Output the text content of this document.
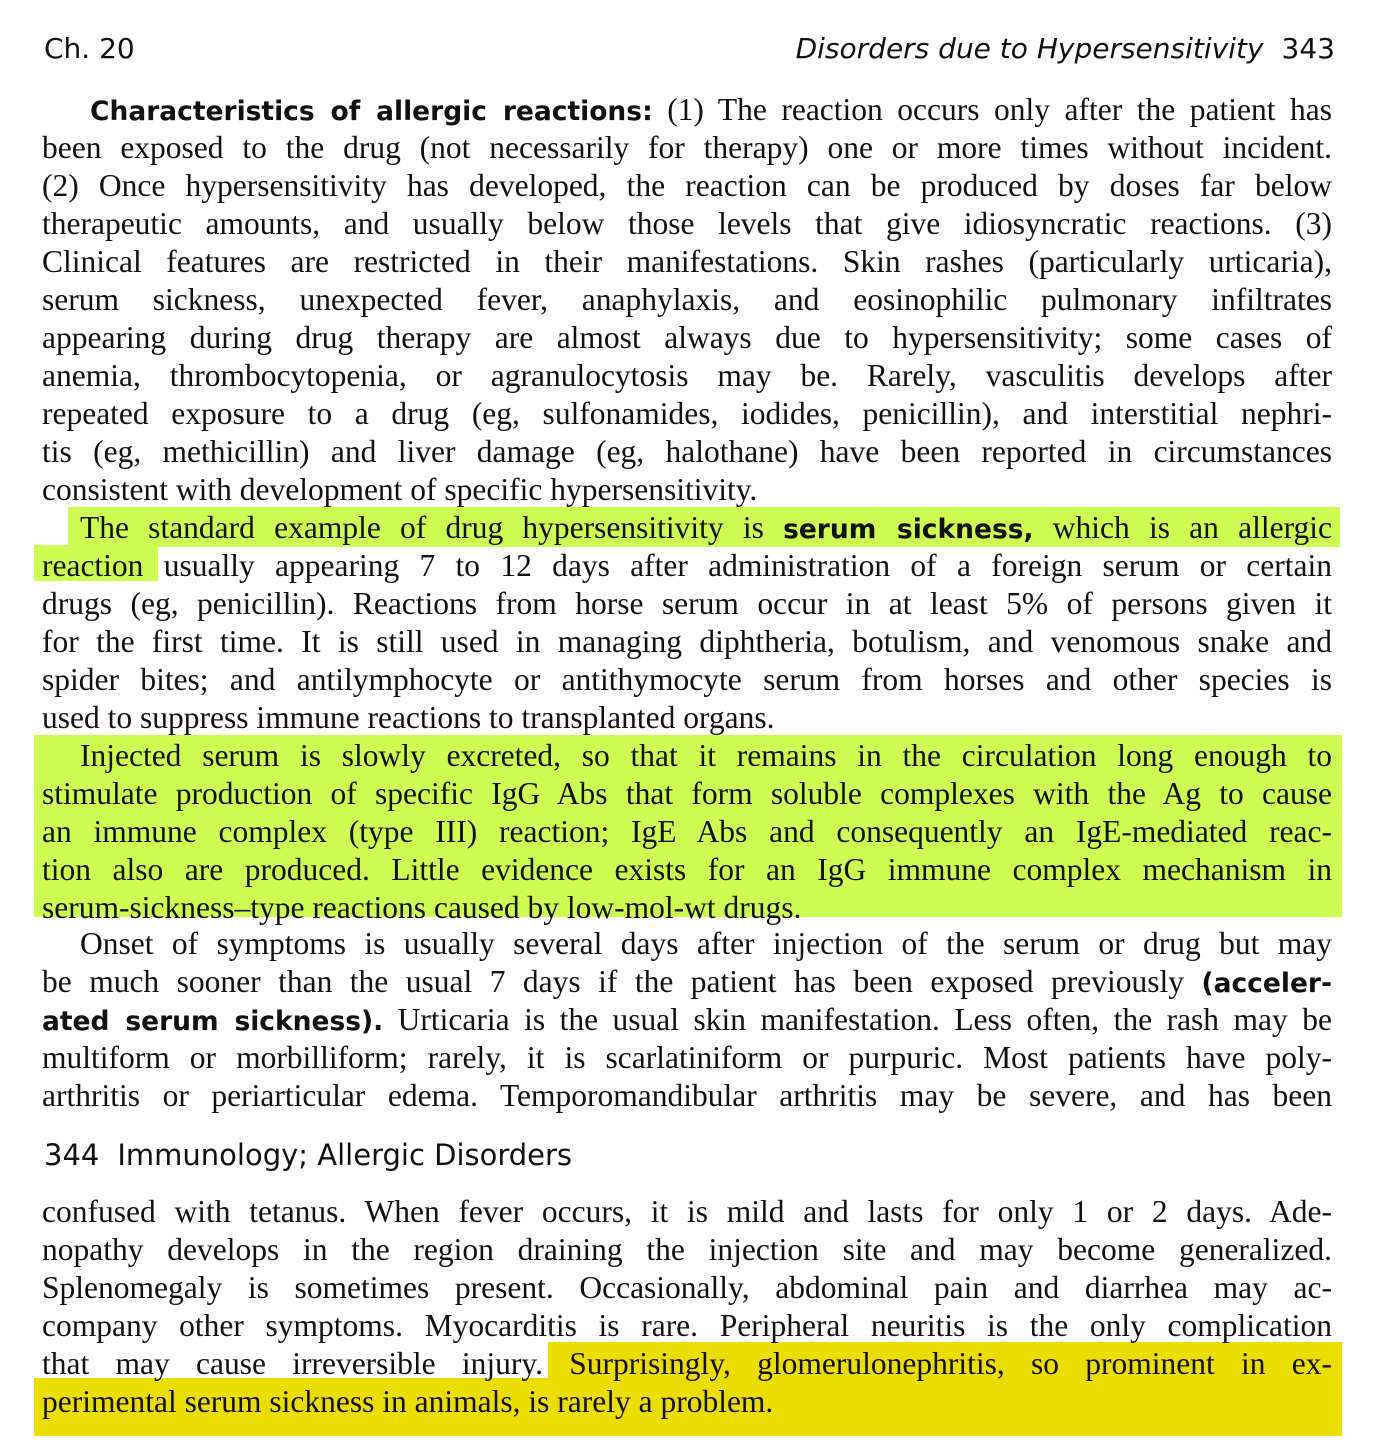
Ch. 20	Disorders due to Hypersensitivity 343
Characteristics of allergic reactions: (1) The reaction occurs only after the patient has
been exposed to the drug (not necessarily for therapy) one or more times without incident.
(2) Once hypersensitivity has developed, the reaction can be produced by doses far below
therapeutic amounts, and usually below those levels that give idiosyncratic reactions. (3)
Clinical features are restricted in their manifestations. Skin rashes (particularly urticaria),
serum sickness, unexpected fever, anaphylaxis, and eosinophilic pulmonary infiltrates
appearing during drug therapy are almost always due to hypersensitivity; some cases of
anemia, thrombocytopenia, or agranulocytosis may be. Rarely, vasculitis develops after
repeated exposure to a drug (eg, sulfonamides, iodides, penicillin), and interstitial nephri-
tis (eg, methicillin) and liver damage (eg, halothane) have been reported in circumstances
consistent with development of specific hypersensitivity.
The standard example of drug hypersensitivity is serum sickness, which is an allergic
reaction usually appearing 7 to 12 days after administration of a foreign serum or certain
drugs (eg, penicillin). Reactions from horse serum occur in at least 5% of persons given it
for the first time. It is still used in managing diphtheria, botulism, and venomous snake and
spider bites; and antilymphocyte or antithymocyte serum from horses and other species is
used to suppress immune reactions to transplanted organs.
Injected serum is slowly excreted, so that it remains in the circulation long enough to
stimulate production of specific IgG Abs that form soluble complexes with the Ag to cause
an immune complex (type III) reaction; IgE Abs and consequently an IgE-mediated reac-
tion also are produced. Little evidence exists for an IgG immune complex mechanism in
serum-sickness–type reactions caused by low-mol-wt drugs.
Onset of symptoms is usually several days after injection of the serum or drug but may
be much sooner than the usual 7 days if the patient has been exposed previously (acceler-
ated serum sickness). Urticaria is the usual skin manifestation. Less often, the rash may be
multiform or morbilliform; rarely, it is scarlatiniform or purpuric. Most patients have poly-
arthritis or periarticular edema. Temporomandibular arthritis may be severe, and has been
344 Immunology; Allergic Disorders
confused with tetanus. When fever occurs, it is mild and lasts for only 1 or 2 days. Ade-
nopathy develops in the region draining the injection site and may become generalized.
Splenomegaly is sometimes present. Occasionally, abdominal pain and diarrhea may ac-
company other symptoms. Myocarditis is rare. Peripheral neuritis is the only complication
that may cause irreversible injury. Surprisingly, glomerulonephritis, so prominent in ex-
perimental serum sickness in animals, is rarely a problem.
